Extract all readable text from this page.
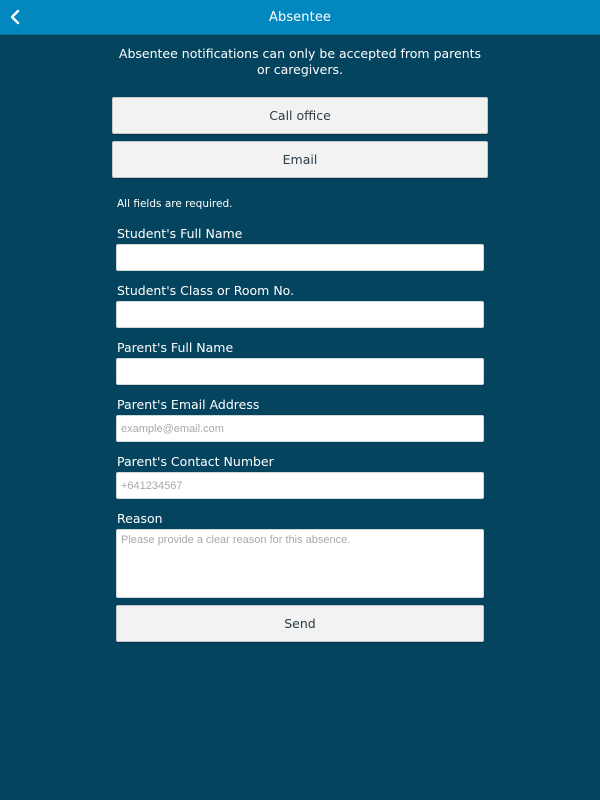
Absentee
Absentee notifications can only be accepted from parents or caregivers.
Call office
Email
All fields are required.
Student's Full Name
Student's Class or Room No.
Parent's Full Name
Parent's Email Address
example@email.com
Parent's Contact Number
+641234567
Reason
Please provide a clear reason for this absence.
Send
